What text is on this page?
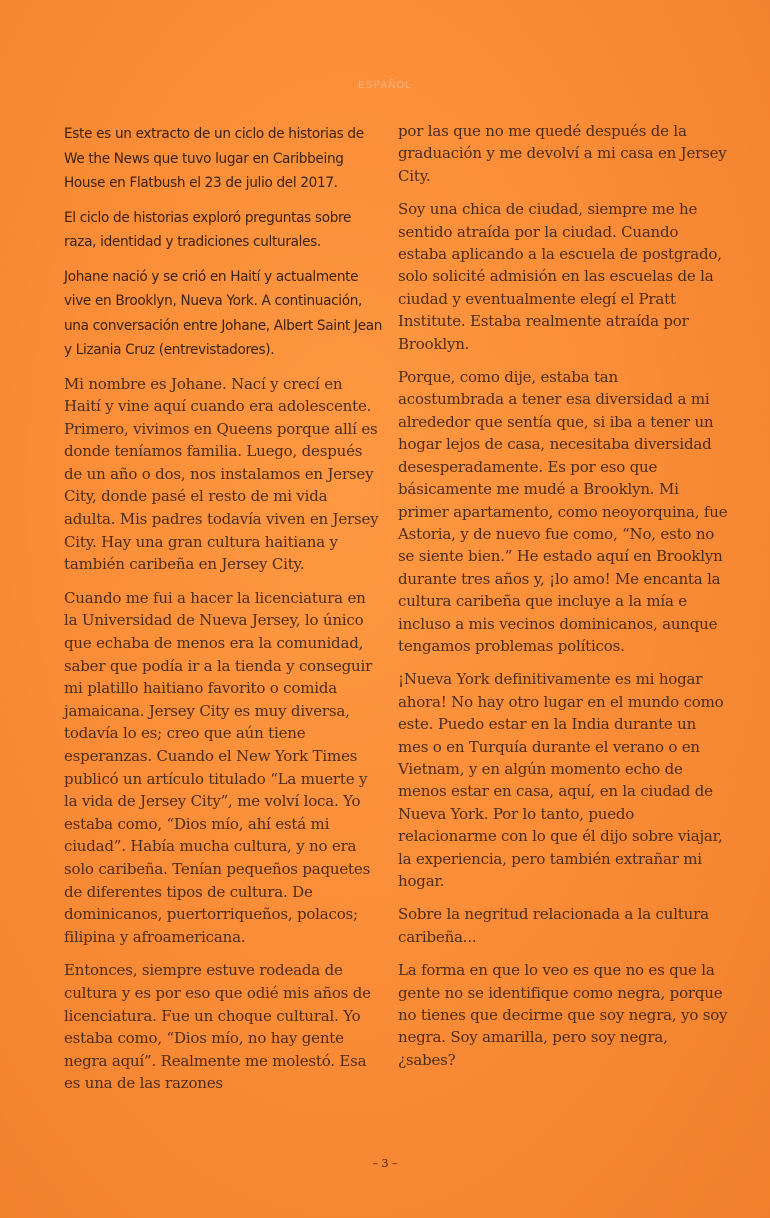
ESPAÑOL

Este es un extracto de un ciclo de historias de We the News que tuvo lugar en Caribbeing House en Flatbush el 23 de julio del 2017.

El ciclo de historias exploró preguntas sobre raza, identidad y tradiciones culturales.

Johane nació y se crió en Haití y actualmente vive en Brooklyn, Nueva York. A continuación, una conversación entre Johane, Albert Saint Jean y Lizania Cruz (entrevistadores).

Mi nombre es Johane. Nací y crecí en Haití y vine aquí cuando era adolescente. Primero, vivimos en Queens porque allí es donde teníamos familia. Luego, después de un año o dos, nos instalamos en Jersey City, donde pasé el resto de mi vida adulta. Mis padres todavía viven en Jersey City. Hay una gran cultura haitiana y también caribeña en Jersey City.

Cuando me fui a hacer la licenciatura en la Universidad de Nueva Jersey, lo único que echaba de menos era la comunidad, saber que podía ir a la tienda y conseguir mi platillo haitiano favorito o comida jamaicana. Jersey City es muy diversa, todavía lo es; creo que aún tiene esperanzas. Cuando el New York Times publicó un artículo titulado “La muerte y la vida de Jersey City”, me volví loca. Yo estaba como, “Dios mío, ahí está mi ciudad”. Había mucha cultura, y no era solo caribeña. Tenían pequeños paquetes de diferentes tipos de cultura. De dominicanos, puertorriqueños, polacos; filipina y afroamericana.

Entonces, siempre estuve rodeada de cultura y es por eso que odié mis años de licenciatura. Fue un choque cultural. Yo estaba como, “Dios mío, no hay gente negra aquí”. Realmente me molestó. Esa es una de las razones

por las que no me quedé después de la graduación y me devolví a mi casa en Jersey City.

Soy una chica de ciudad, siempre me he sentido atraída por la ciudad. Cuando estaba aplicando a la escuela de postgrado, solo solicité admisión en las escuelas de la ciudad y eventualmente elegí el Pratt Institute. Estaba realmente atraída por Brooklyn.

Porque, como dije, estaba tan acostumbrada a tener esa diversidad a mi alrededor que sentía que, si iba a tener un hogar lejos de casa, necesitaba diversidad desesperadamente. Es por eso que básicamente me mudé a Brooklyn. Mi primer apartamento, como neoyorquina, fue Astoria, y de nuevo fue como, “No, esto no se siente bien.” He estado aquí en Brooklyn durante tres años y, ¡lo amo! Me encanta la cultura caribeña que incluye a la mía e incluso a mis vecinos dominicanos, aunque tengamos problemas políticos.

¡Nueva York definitivamente es mi hogar ahora! No hay otro lugar en el mundo como este. Puedo estar en la India durante un mes o en Turquía durante el verano o en Vietnam, y en algún momento echo de menos estar en casa, aquí, en la ciudad de Nueva York. Por lo tanto, puedo relacionarme con lo que él dijo sobre viajar, la experiencia, pero también extrañar mi hogar.

Sobre la negritud relacionada a la cultura caribeña...

La forma en que lo veo es que no es que la gente no se identifique como negra, porque no tienes que decirme que soy negra, yo soy negra. Soy amarilla, pero soy negra, ¿sabes?

– 3 –
